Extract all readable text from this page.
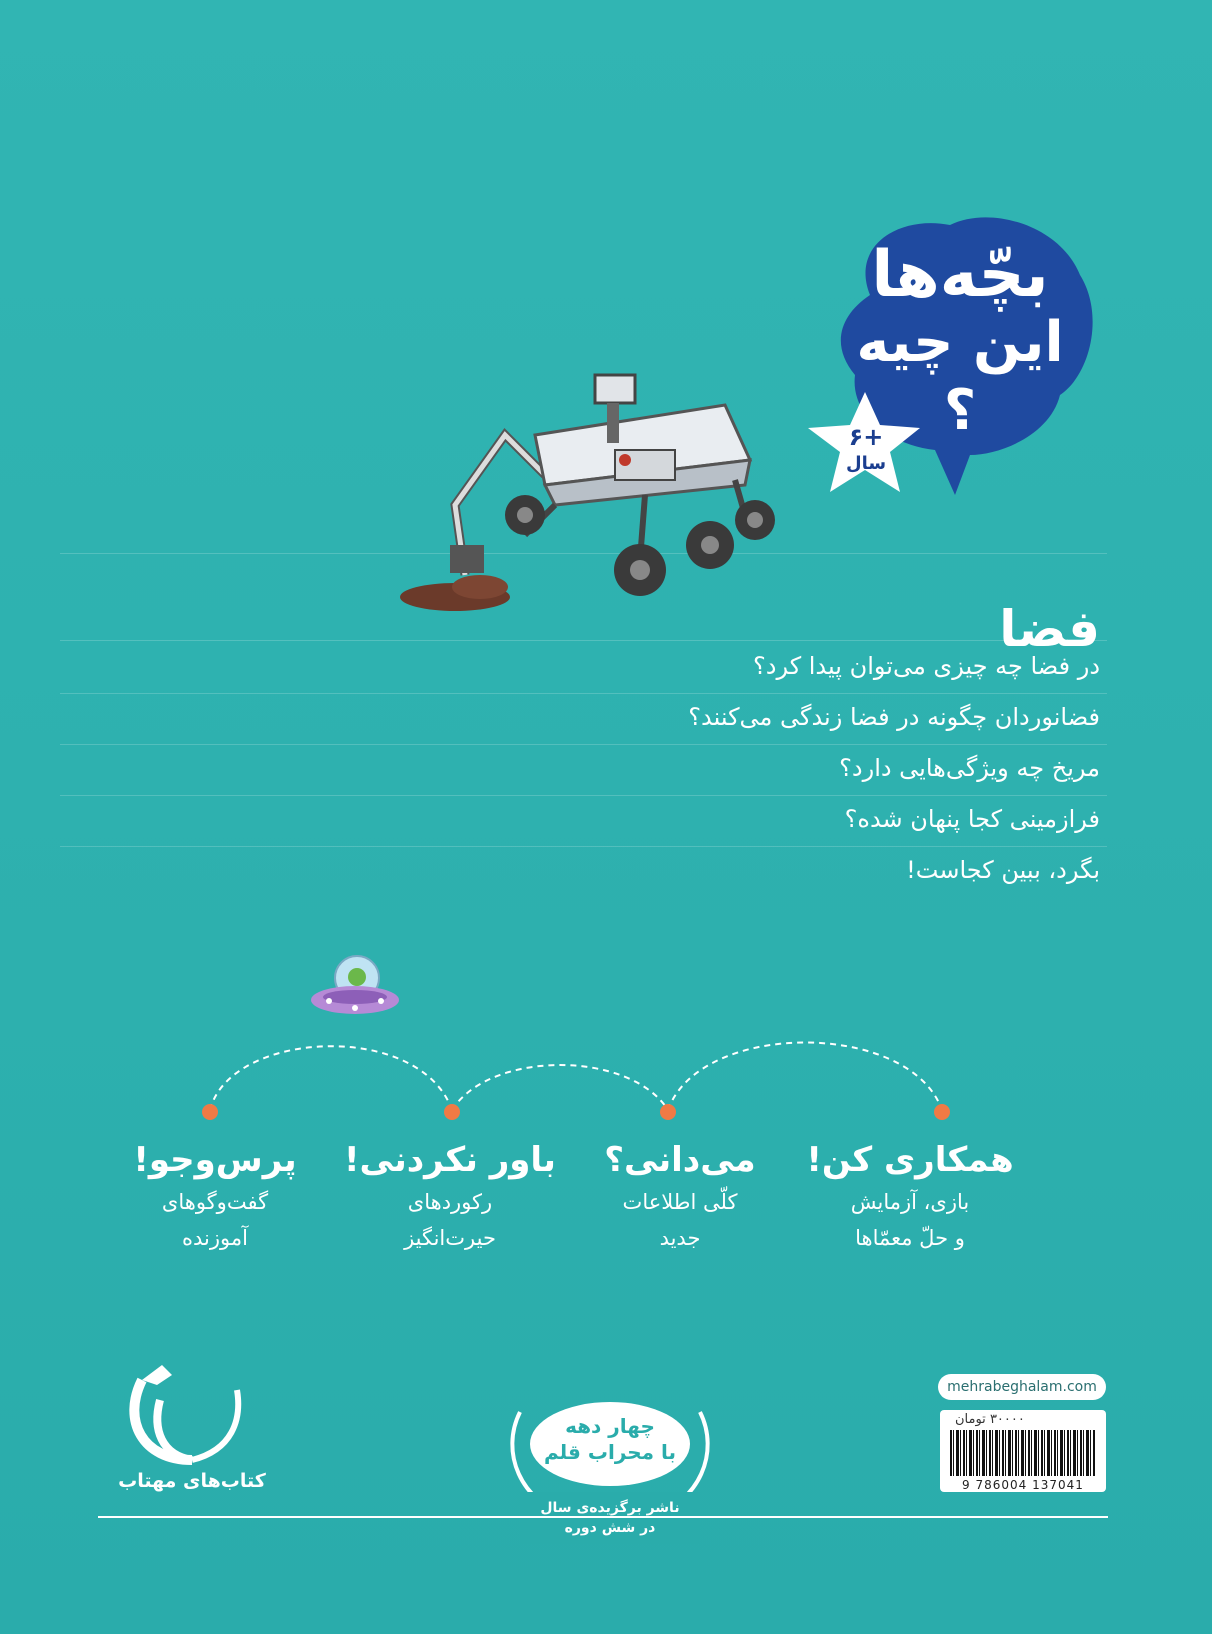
بچّه‌ها
این چیه
؟
+۶
سال
فضا
در فضا چه چیزی می‌توان پیدا کرد؟
فضانوردان چگونه در فضا زندگی می‌کنند؟
مریخ چه ویژگی‌هایی دارد؟
فرازمینی کجا پنهان شده؟
بگرد، ببین کجاست!
همکاری کن!
بازی، آزمایش
و حلّ معمّاها
می‌دانی؟
کلّی اطلاعات
جدید
باور نکردنی!
رکوردهای
حیرت‌انگیز
پرس‌وجو!
گفت‌وگوهای
آموزنده
کتاب‌های مهتاب
چهار دهه
با محراب قلم
ناشر برگزیده‌ی سال
در شش دوره
mehrabeghalam.com
۳۰۰۰۰ تومان
9 786004 137041
